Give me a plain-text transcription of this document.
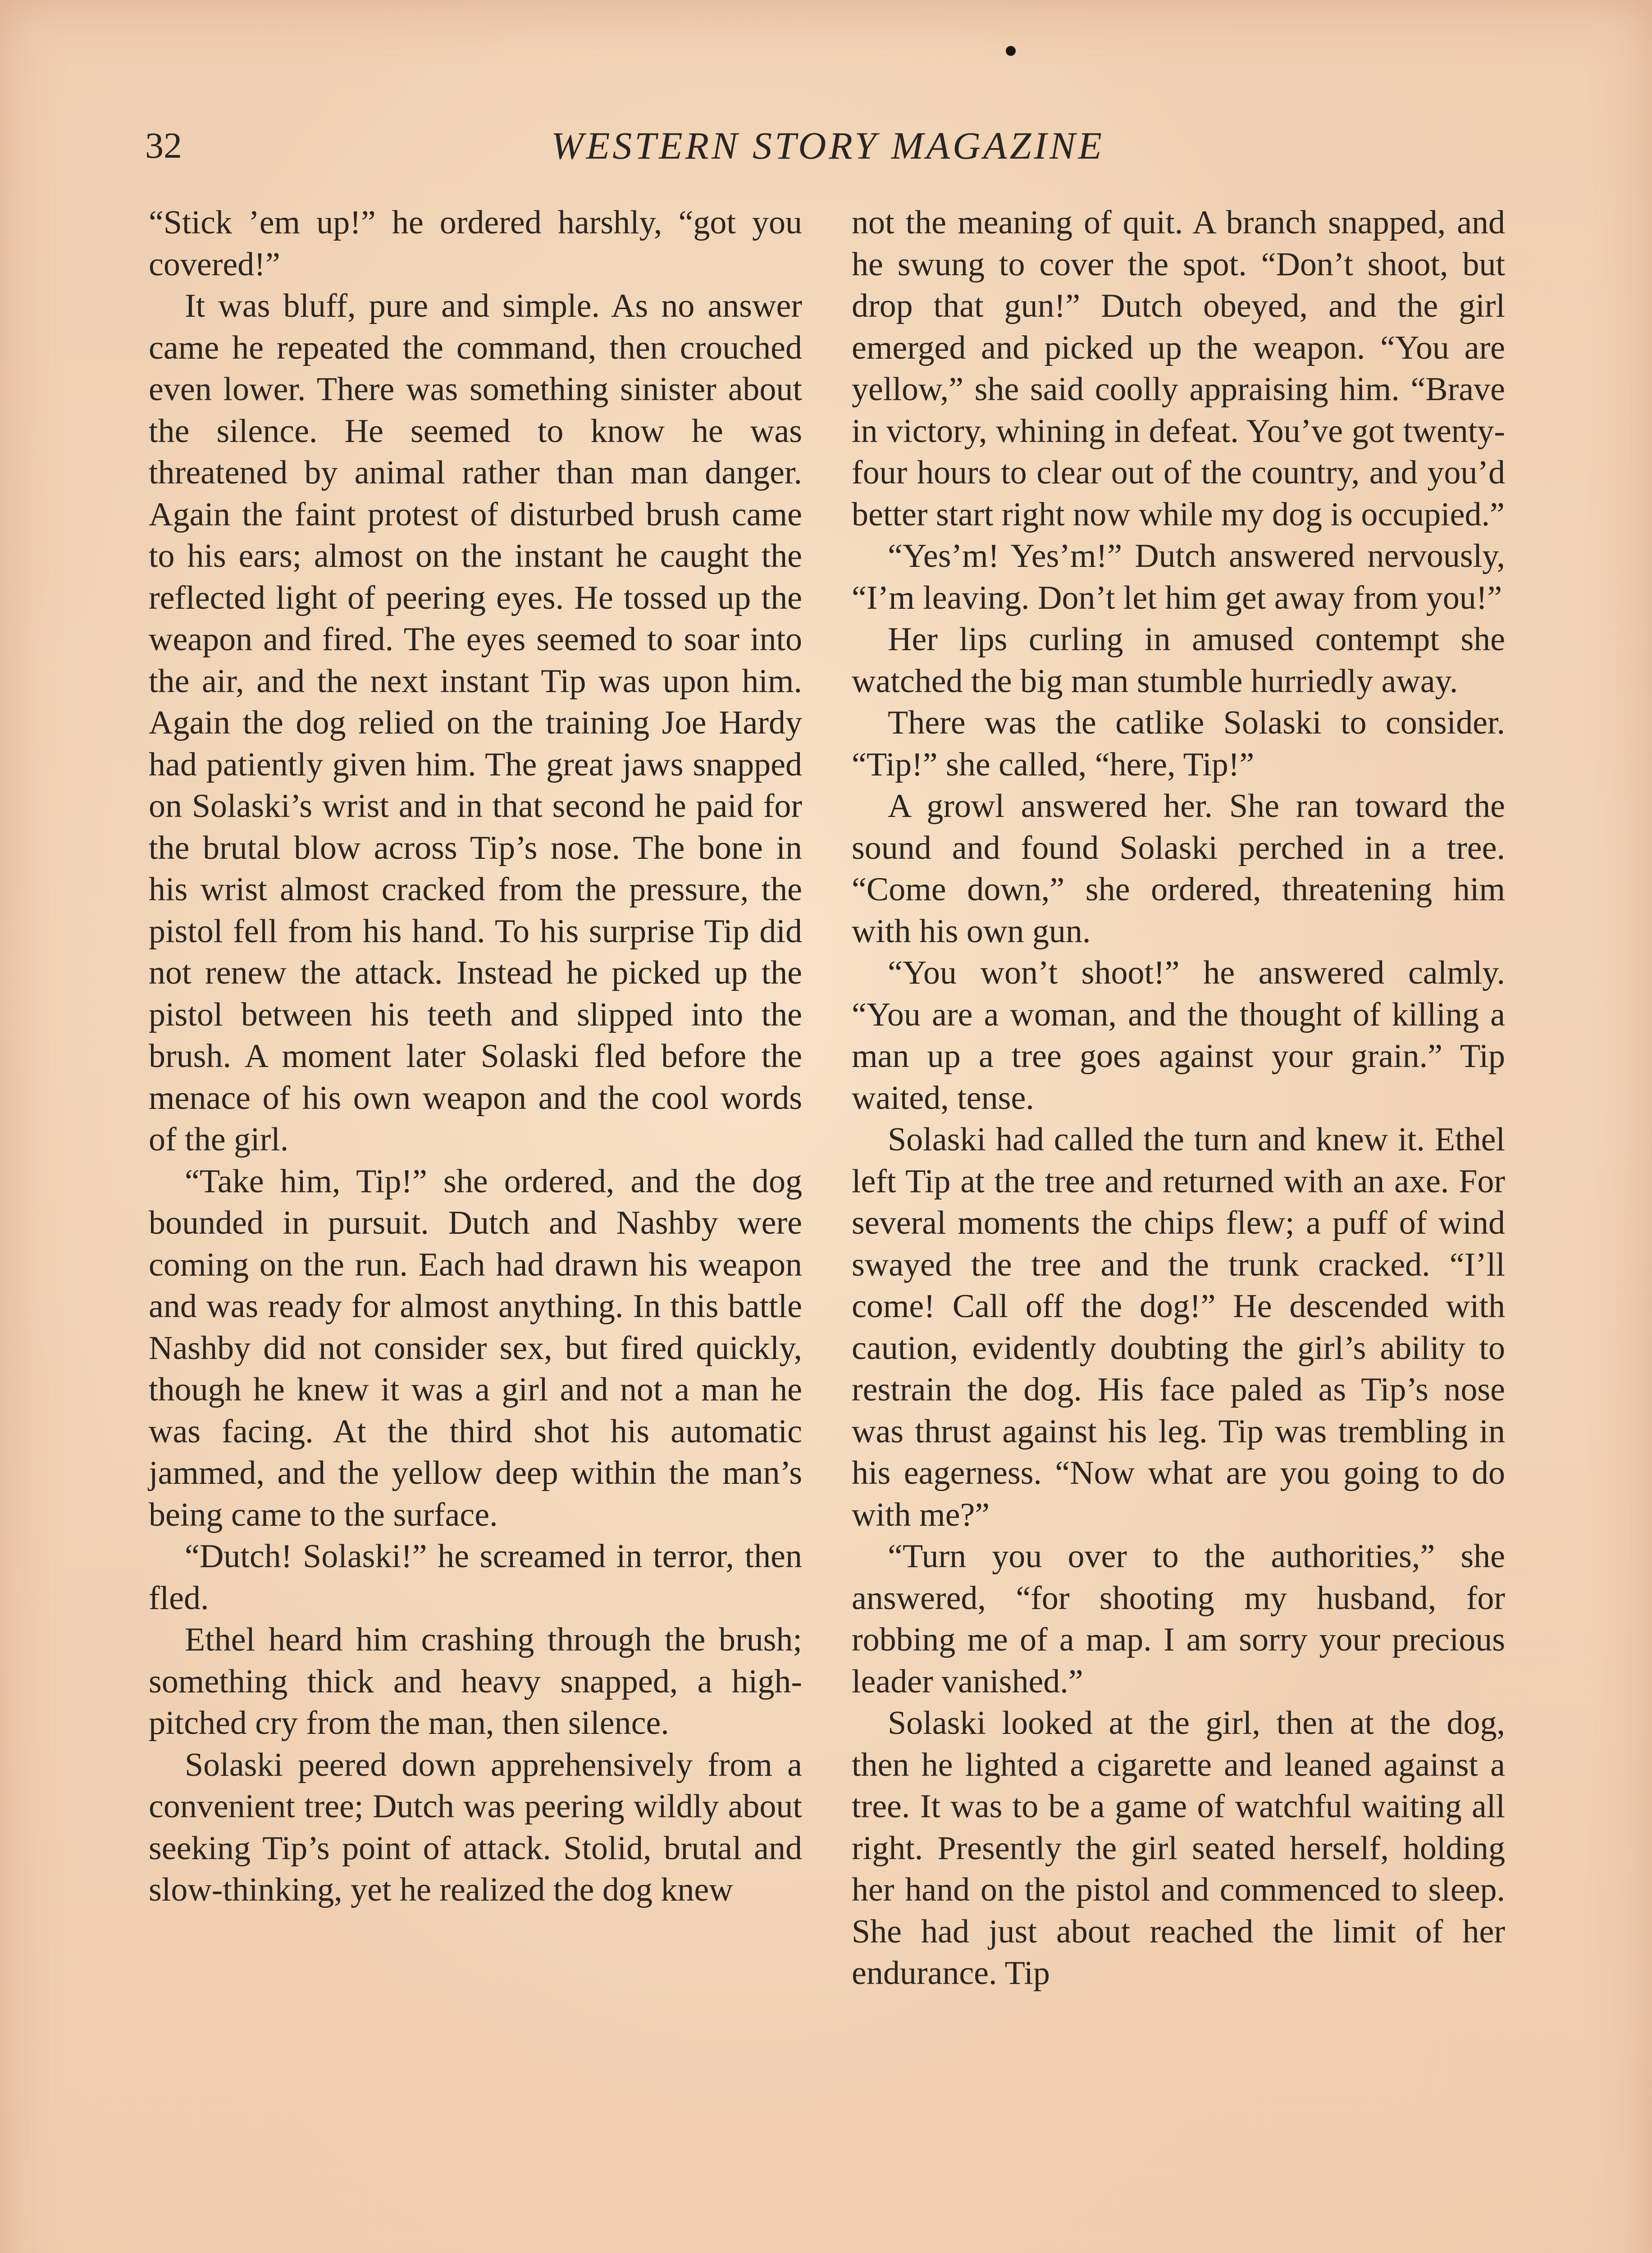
32	WESTERN STORY MAGAZINE

“Stick ’em up!” he ordered harshly, “got you covered!”

It was bluff, pure and simple. As no answer came he repeated the command, then crouched even lower. There was something sinister about the silence. He seemed to know he was threatened by animal rather than man danger. Again the faint protest of disturbed brush came to his ears; almost on the instant he caught the reflected light of peering eyes. He tossed up the weapon and fired. The eyes seemed to soar into the air, and the next instant Tip was upon him. Again the dog relied on the training Joe Hardy had patiently given him. The great jaws snapped on Solaski’s wrist and in that second he paid for the brutal blow across Tip’s nose. The bone in his wrist almost cracked from the pressure, the pistol fell from his hand. To his surprise Tip did not renew the attack. Instead he picked up the pistol between his teeth and slipped into the brush. A moment later Solaski fled before the menace of his own weapon and the cool words of the girl.

“Take him, Tip!” she ordered, and the dog bounded in pursuit. Dutch and Nashby were coming on the run. Each had drawn his weapon and was ready for almost anything. In this battle Nashby did not consider sex, but fired quickly, though he knew it was a girl and not a man he was facing. At the third shot his automatic jammed, and the yellow deep within the man’s being came to the surface.

“Dutch! Solaski!” he screamed in terror, then fled.

Ethel heard him crashing through the brush; something thick and heavy snapped, a high-pitched cry from the man, then silence.

Solaski peered down apprehensively from a convenient tree; Dutch was peering wildly about seeking Tip’s point of attack. Stolid, brutal and slow-thinking, yet he realized the dog knew

not the meaning of quit. A branch snapped, and he swung to cover the spot. “Don’t shoot, but drop that gun!” Dutch obeyed, and the girl emerged and picked up the weapon. “You are yellow,” she said coolly appraising him. “Brave in victory, whining in defeat. You’ve got twenty-four hours to clear out of the country, and you’d better start right now while my dog is occupied.”

“Yes’m! Yes’m!” Dutch answered nervously, “I’m leaving. Don’t let him get away from you!”

Her lips curling in amused contempt she watched the big man stumble hurriedly away.

There was the catlike Solaski to consider. “Tip!” she called, “here, Tip!”

A growl answered her. She ran toward the sound and found Solaski perched in a tree. “Come down,” she ordered, threatening him with his own gun.

“You won’t shoot!” he answered calmly. “You are a woman, and the thought of killing a man up a tree goes against your grain.” Tip waited, tense.

Solaski had called the turn and knew it. Ethel left Tip at the tree and returned with an axe. For several moments the chips flew; a puff of wind swayed the tree and the trunk cracked. “I’ll come! Call off the dog!” He descended with caution, evidently doubting the girl’s ability to restrain the dog. His face paled as Tip’s nose was thrust against his leg. Tip was trembling in his eagerness. “Now what are you going to do with me?”

“Turn you over to the authorities,” she answered, “for shooting my husband, for robbing me of a map. I am sorry your precious leader vanished.”

Solaski looked at the girl, then at the dog, then he lighted a cigarette and leaned against a tree. It was to be a game of watchful waiting all right. Presently the girl seated herself, holding her hand on the pistol and commenced to sleep. She had just about reached the limit of her endurance. Tip
